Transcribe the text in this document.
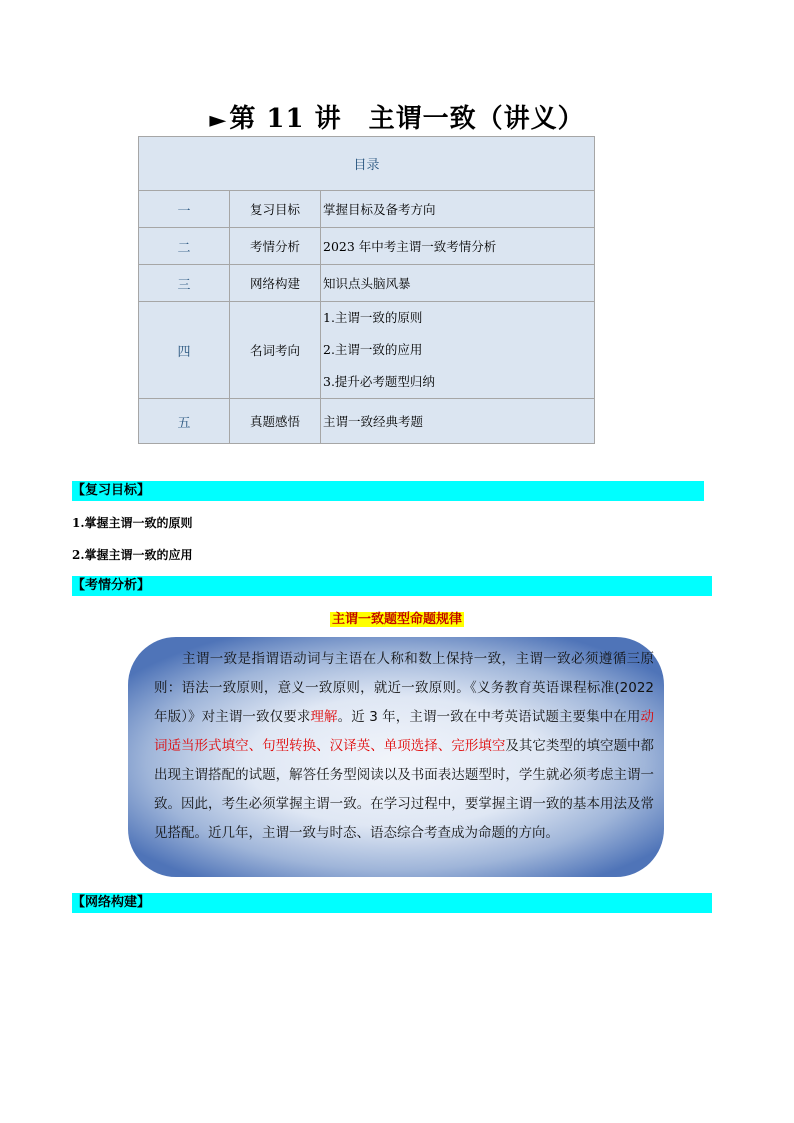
►第 11 讲　主谓一致（讲义）
目录		
一	复习目标	掌握目标及备考方向
二	考情分析	2023 年中考主谓一致考情分析
三	网络构建	知识点头脑风暴
四	名词考向	1.主谓一致的原则
2.主谓一致的应用
3.提升必考题型归纳

五	真题感悟	主谓一致经典考题
【复习目标】
1.掌握主谓一致的原则
2.掌握主谓一致的应用
【考情分析】
主谓一致题型命题规律

主谓一致是指谓语动词与主语在人称和数上保持一致，主谓一致必须遵循三原则：语法一致原则，意义一致原则，就近一致原则。《义务教育英语课程标准(2022 年版）》对主谓一致仅要求理解。近 3 年，主谓一致在中考英语试题主要集中在用动词适当形式填空、句型转换、汉译英、单项选择、完形填空及其它类型的填空题中都出现主谓搭配的试题，解答任务型阅读以及书面表达题型时，学生就必须考虑主谓一致。因此，考生必须掌握主谓一致。在学习过程中，要掌握主谓一致的基本用法及常见搭配。近几年，主谓一致与时态、语态综合考查成为命题的方向。

【网络构建】
